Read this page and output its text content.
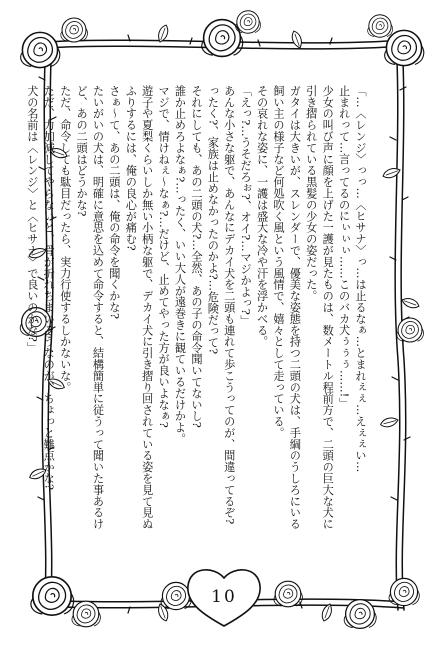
「…〈レンジ〉っっ…〈ヒサナ〉っ…は止るなぁ…とまれぇぇ…えぇぇい…
止まれって…言ってるのにぃぃぃ……このバカ犬ぅぅぅ……!」
少女の叫び声に顔を上げた一護が見たものは、数メートル程前方で、二頭の巨大な犬に
引き摺られている黒髪の少女の姿だった。
ガタイは大きいが、スレンダーで、優美な姿態を持つ二頭の犬は、手綱のうしろにいる
飼い主の様子など何処吹く風という風情で、嬉々として走っている。
その哀れな姿に、一護は盛大な冷や汗を浮かべる。
「えっ?…うそだろぉ?、オイ?…マジかよっ?」
あんな小さな躯で、あんなにデカイ犬を二頭も連れて歩こうってのが、間違ってるぞ?
ったく?、家族は止めなかったのかよ?…危険だって?
それにしても、あの二頭の犬?…全然、あの子の命令聞いてないし?
誰か止めろよなぁ?…ったく、いい大人が遠巻きに観ているだけかよ。
マジで、情けねぇ～なぁ?…だけど、止めてやった方が良いよなぁ?
遊子や夏梨くらいしか無い小柄な躯で、デカイ犬に引き摺り回されている姿を見て見ぬ
ふりするには、俺の良心が痛む?
さぁ～て、あの二頭は、俺の命令を聞くかな?
たいがいの犬は、明確に意思を込めて命令すると、結構簡単に従うって聞いた事あるけ
ど、あの二頭はどうかな?
ただ、命令しても駄目だったら、実力行使するしかないな。
ただ、力加減してやらないと、骨が折れちまいそうなのが、ちょっと難点かな?
犬の名前は〈レンジ〉と〈ヒサナ〉で良いのかな?」
10
